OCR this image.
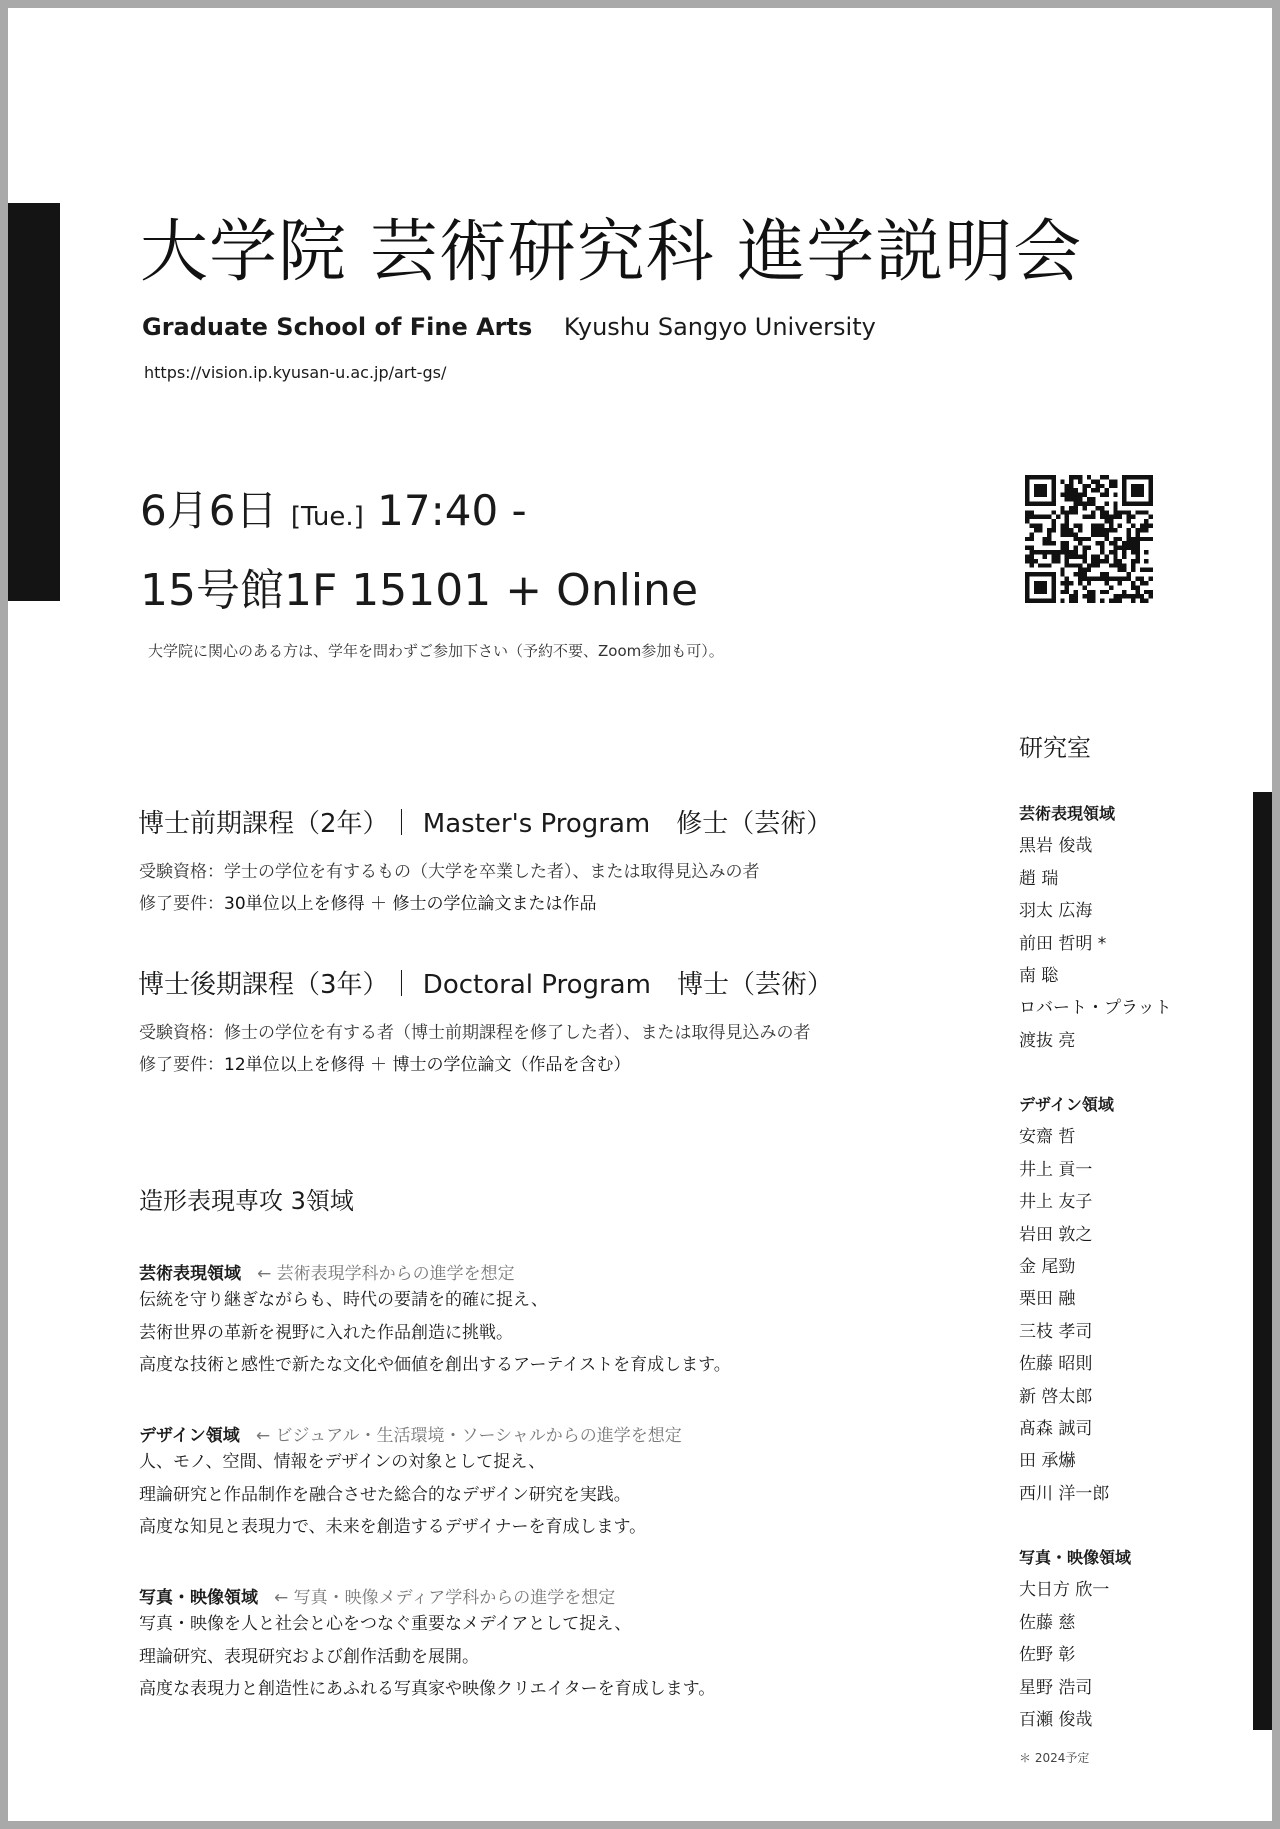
大学院 芸術研究科 進学説明会
Graduate School of Fine Arts Kyushu Sangyo University
https://vision.ip.kyusan-u.ac.jp/art-gs/
6月6日 [Tue.] 17:40 -
15号館1F 15101 + Online
大学院に関心のある方は、学年を問わずご参加下さい（予約不要、Zoom参加も可）。
博士前期課程（2年）｜ Master's Program　修士（芸術）
受験資格：学士の学位を有するもの（大学を卒業した者）、または取得見込みの者
修了要件：30単位以上を修得 ＋ 修士の学位論文または作品
博士後期課程（3年）｜ Doctoral Program　博士（芸術）
受験資格：修士の学位を有する者（博士前期課程を修了した者）、または取得見込みの者
修了要件：12単位以上を修得 ＋ 博士の学位論文（作品を含む）
造形表現専攻 3領域
芸術表現領域 ← 芸術表現学科からの進学を想定
伝統を守り継ぎながらも、時代の要請を的確に捉え、
芸術世界の革新を視野に入れた作品創造に挑戦。
高度な技術と感性で新たな文化や価値を創出するアーテイストを育成します。
デザイン領域 ← ビジュアル・生活環境・ソーシャルからの進学を想定
人、モノ、空間、情報をデザインの対象として捉え、
理論研究と作品制作を融合させた総合的なデザイン研究を実践。
高度な知見と表現力で、未来を創造するデザイナーを育成します。
写真・映像領域 ← 写真・映像メディア学科からの進学を想定
写真・映像を人と社会と心をつなぐ重要なメデイアとして捉え、
理論研究、表現研究および創作活動を展開。
高度な表現力と創造性にあふれる写真家や映像クリエイターを育成します。
研究室
芸術表現領域
黒岩 俊哉
趙 瑞
羽太 広海
前田 哲明 *
南 聡
ロバート・プラット
渡抜 亮
デザイン領域
安齋 哲
井上 貢一
井上 友子
岩田 敦之
金 尾勁
栗田 融
三枝 孝司
佐藤 昭則
新 啓太郎
髙森 誠司
田 承爀
西川 洋一郎
写真・映像領域
大日方 欣一
佐藤 慈
佐野 彰
星野 浩司
百瀬 俊哉
＊ 2024予定
